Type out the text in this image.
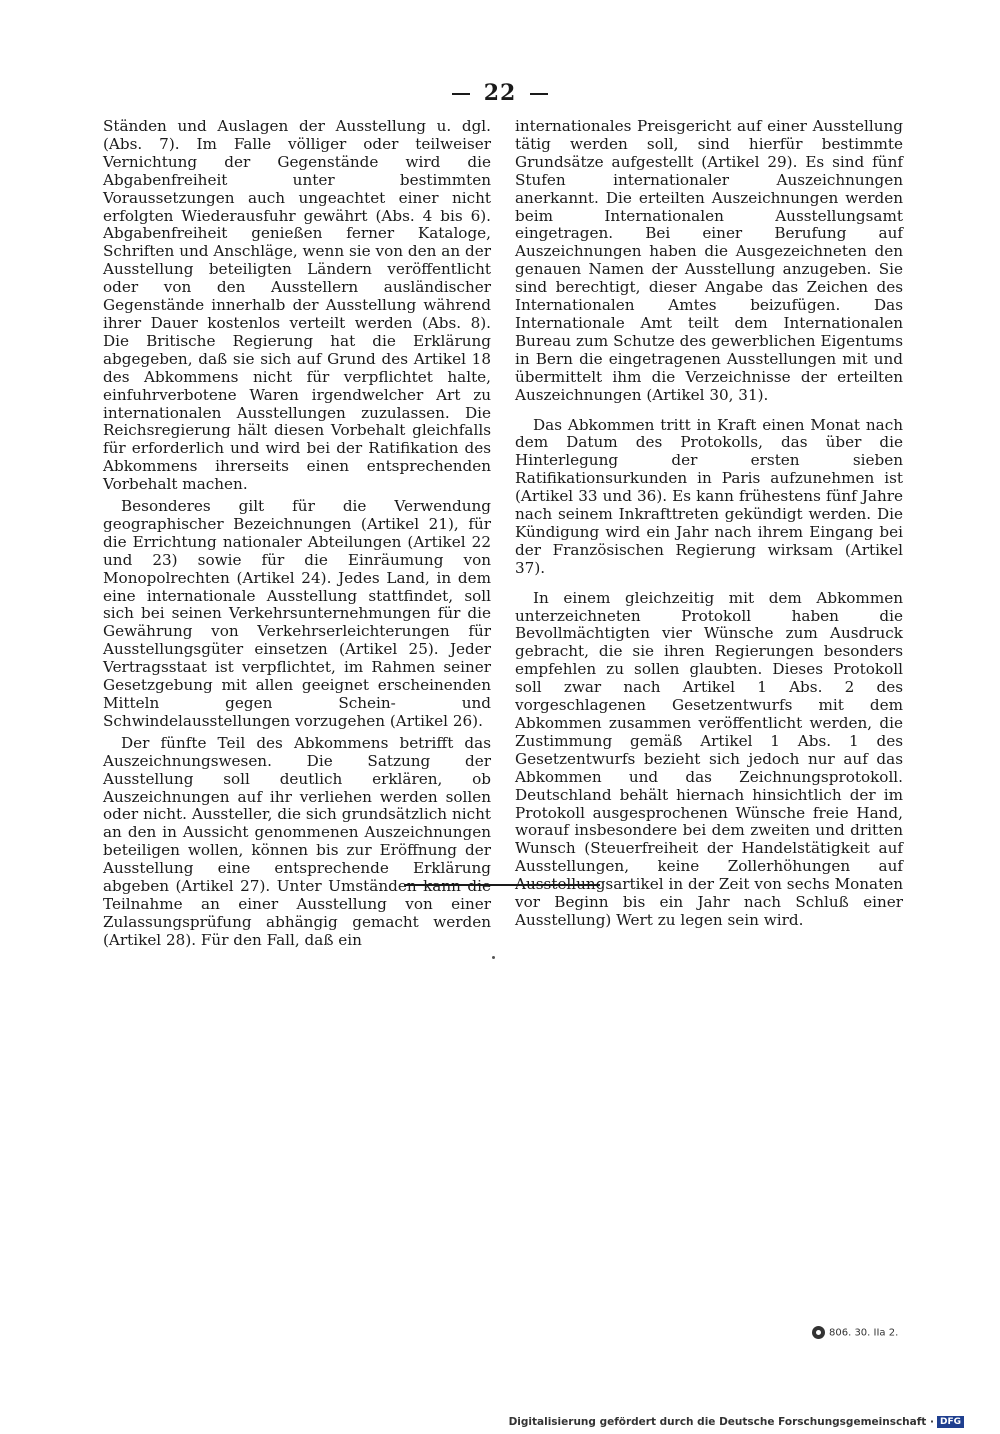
22

Ständen und Auslagen der Ausstellung u. dgl. (Abs. 7). Im Falle völliger oder teilweiser Vernichtung der Gegenstände wird die Abgabenfreiheit unter bestimmten Voraussetzungen auch ungeachtet einer nicht erfolgten Wiederausfuhr gewährt (Abs. 4 bis 6). Abgabenfreiheit genießen ferner Kataloge, Schriften und Anschläge, wenn sie von den an der Ausstellung beteiligten Ländern veröffentlicht oder von den Ausstellern ausländischer Gegenstände innerhalb der Ausstellung während ihrer Dauer kostenlos verteilt werden (Abs. 8). Die Britische Regierung hat die Erklärung abgegeben, daß sie sich auf Grund des Artikel 18 des Abkommens nicht für verpflichtet halte, einfuhrverbotene Waren irgendwelcher Art zu internationalen Ausstellungen zuzulassen. Die Reichsregierung hält diesen Vorbehalt gleichfalls für erforderlich und wird bei der Ratifikation des Abkommens ihrerseits einen entsprechenden Vorbehalt machen.

Besonderes gilt für die Verwendung geographischer Bezeichnungen (Artikel 21), für die Errichtung nationaler Abteilungen (Artikel 22 und 23) sowie für die Einräumung von Monopolrechten (Artikel 24). Jedes Land, in dem eine internationale Ausstellung stattfindet, soll sich bei seinen Verkehrsunternehmungen für die Gewährung von Verkehrserleichterungen für Ausstellungsgüter einsetzen (Artikel 25). Jeder Vertragsstaat ist verpflichtet, im Rahmen seiner Gesetzgebung mit allen geeignet erscheinenden Mitteln gegen Schein- und Schwindelausstellungen vorzugehen (Artikel 26).

Der fünfte Teil des Abkommens betrifft das Auszeichnungswesen. Die Satzung der Ausstellung soll deutlich erklären, ob Auszeichnungen auf ihr verliehen werden sollen oder nicht. Aussteller, die sich grundsätzlich nicht an den in Aussicht genommenen Auszeichnungen beteiligen wollen, können bis zur Eröffnung der Ausstellung eine entsprechende Erklärung abgeben (Artikel 27). Unter Umständen kann die Teilnahme an einer Ausstellung von einer Zulassungsprüfung abhängig gemacht werden (Artikel 28). Für den Fall, daß ein

internationales Preisgericht auf einer Ausstellung tätig werden soll, sind hierfür bestimmte Grundsätze aufgestellt (Artikel 29). Es sind fünf Stufen internationaler Auszeichnungen anerkannt. Die erteilten Auszeichnungen werden beim Internationalen Ausstellungsamt eingetragen. Bei einer Berufung auf Auszeichnungen haben die Ausgezeichneten den genauen Namen der Ausstellung anzugeben. Sie sind berechtigt, dieser Angabe das Zeichen des Internationalen Amtes beizufügen. Das Internationale Amt teilt dem Internationalen Bureau zum Schutze des gewerblichen Eigentums in Bern die eingetragenen Ausstellungen mit und übermittelt ihm die Verzeichnisse der erteilten Auszeichnungen (Artikel 30, 31).

Das Abkommen tritt in Kraft einen Monat nach dem Datum des Protokolls, das über die Hinterlegung der ersten sieben Ratifikationsurkunden in Paris aufzunehmen ist (Artikel 33 und 36). Es kann frühestens fünf Jahre nach seinem Inkrafttreten gekündigt werden. Die Kündigung wird ein Jahr nach ihrem Eingang bei der Französischen Regierung wirksam (Artikel 37).

In einem gleichzeitig mit dem Abkommen unterzeichneten Protokoll haben die Bevollmächtigten vier Wünsche zum Ausdruck gebracht, die sie ihren Regierungen besonders empfehlen zu sollen glaubten. Dieses Protokoll soll zwar nach Artikel 1 Abs. 2 des vorgeschlagenen Gesetzentwurfs mit dem Abkommen zusammen veröffentlicht werden, die Zustimmung gemäß Artikel 1 Abs. 1 des Gesetzentwurfs bezieht sich jedoch nur auf das Abkommen und das Zeichnungsprotokoll. Deutschland behält hiernach hinsichtlich der im Protokoll ausgesprochenen Wünsche freie Hand, worauf insbesondere bei dem zweiten und dritten Wunsch (Steuerfreiheit der Handelstätigkeit auf Ausstellungen, keine Zollerhöhungen auf Ausstellungsartikel in der Zeit von sechs Monaten vor Beginn bis ein Jahr nach Schluß einer Ausstellung) Wert zu legen sein wird.

806. 30. IIa 2.
Digitalisierung gefördert durch die Deutsche Forschungsgemeinschaft · DFG
